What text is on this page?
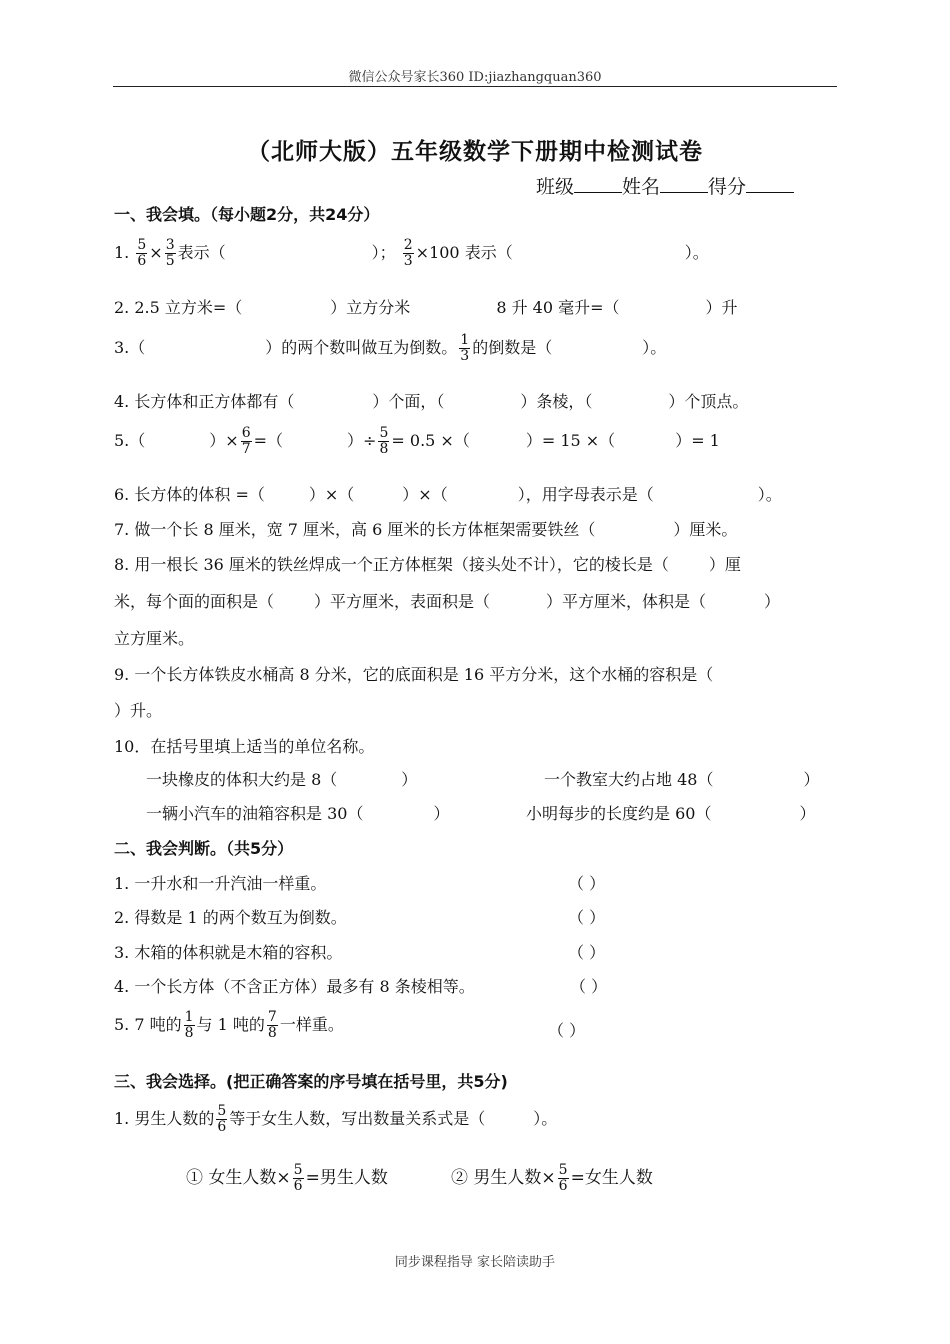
微信公众号家长360 ID:jiazhangquan360
（北师大版）五年级数学下册期中检测试卷
班级	姓名	得分
一、我会填。（每小题2分，共24分）
1. $\frac{5}{6} \times \frac{3}{5}$ 表示（	）； $\frac{2}{3} \times 100$ 表示（	）。
2. 2.5 立方米=（	）立方分米	8 升 40 毫升=（	）升
3.（	）的两个数叫做互为倒数。 $\frac{1}{3}$ 的倒数是（	）。
4. 长方体和正方体都有（	）个面，（	）条棱，（	）个顶点。
5.（	）× $\frac{6}{7}$ =（	）÷ $\frac{5}{8} = 0.5$ ×（	）= 15 ×（	）= 1
6. 长方体的体积 =（	）×（	）×（	），用字母表示是（	）。
7. 做一个长 8 厘米，宽 7 厘米，高 6 厘米的长方体框架需要铁丝（	）厘米。
8. 用一根长 36 厘米的铁丝焊成一个正方体框架（接头处不计），它的棱长是（	）厘
米，每个面的面积是（	）平方厘米，表面积是（	）平方厘米，体积是（	）
立方厘米。
9. 一个长方体铁皮水桶高 8 分米，它的底面积是 16 平方分米，这个水桶的容积是（
）升。
10．在括号里填上适当的单位名称。
一块橡皮的体积大约是 8（	）	一个教室大约占地 48（	）
一辆小汽车的油箱容积是 30（	）	小明每步的长度约是 60（	）
二、我会判断。（共5分）
1. 一升水和一升汽油一样重。	（ ）
2. 得数是 1 的两个数互为倒数。	（ ）
3. 木箱的体积就是木箱的容积。	（ ）
4. 一个长方体（不含正方体）最多有 8 条棱相等。	（ ）
5. 7 吨的 $\frac{1}{8}$ 与 1 吨的 $\frac{7}{8}$ 一样重。	（ ）
三、我会选择。(把正确答案的序号填在括号里，共5分)
1. 男生人数的 $\frac{5}{6}$ 等于女生人数，写出数量关系式是（	）。
① 女生人数× $\frac{5}{6}$ =男生人数	② 男生人数× $\frac{5}{6}$ =女生人数
同步课程指导 家长陪读助手
